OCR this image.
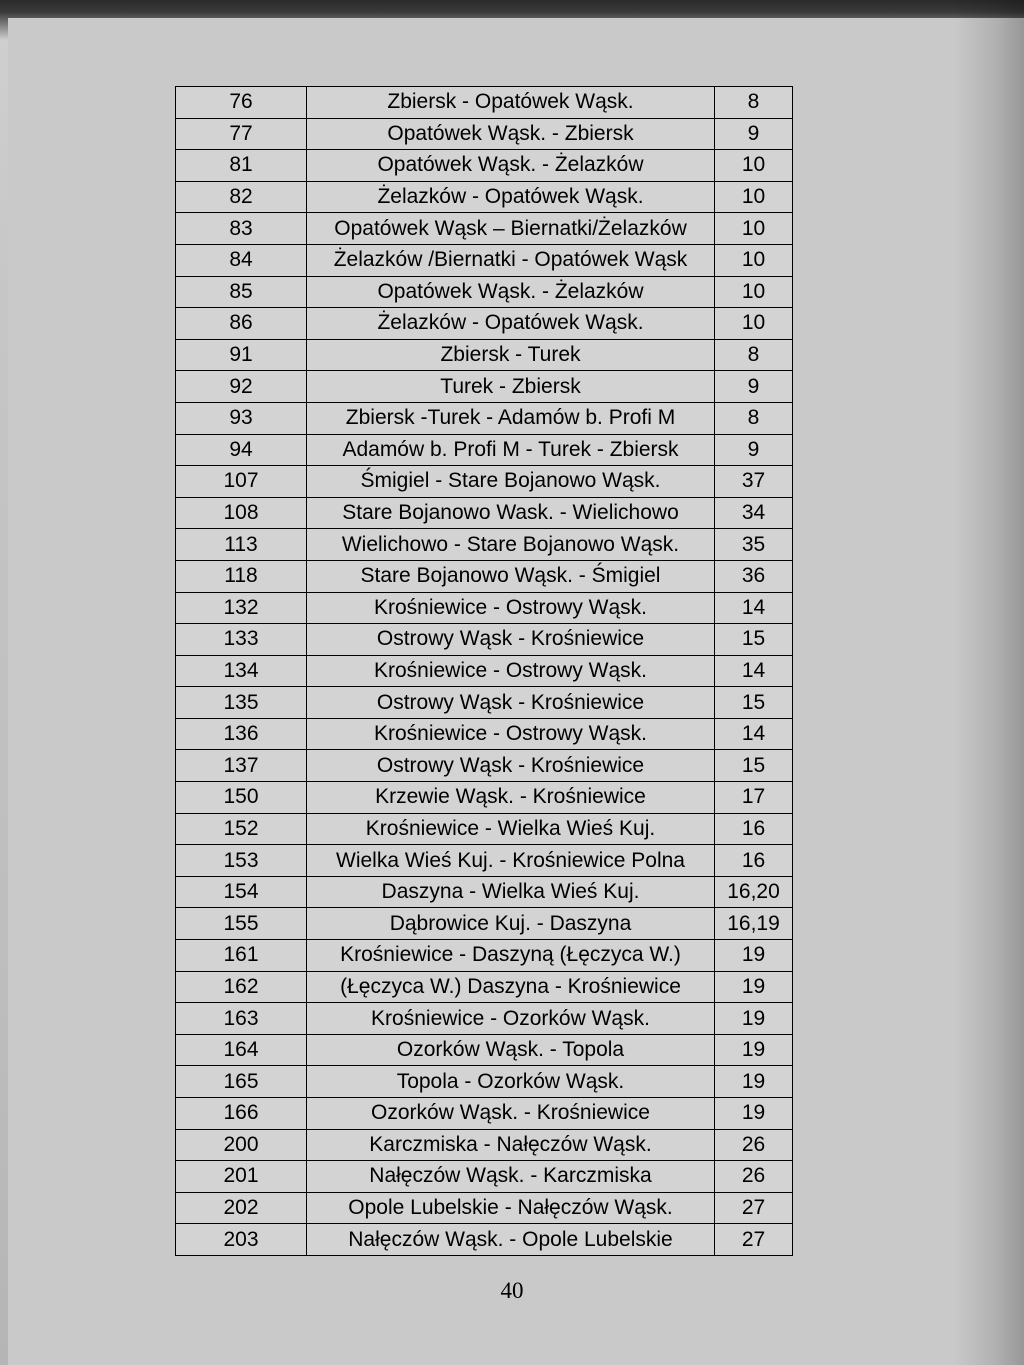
76	Zbiersk - Opatówek Wąsk.	8
77	Opatówek Wąsk. - Zbiersk	9
81	Opatówek Wąsk. - Żelazków	10
82	Żelazków - Opatówek Wąsk.	10
83	Opatówek Wąsk – Biernatki/Żelazków	10
84	Żelazków /Biernatki - Opatówek Wąsk	10
85	Opatówek Wąsk. - Żelazków	10
86	Żelazków - Opatówek Wąsk.	10
91	Zbiersk - Turek	8
92	Turek - Zbiersk	9
93	Zbiersk -Turek - Adamów b. Profi M	8
94	Adamów b. Profi M - Turek - Zbiersk	9
107	Śmigiel - Stare Bojanowo Wąsk.	37
108	Stare Bojanowo Wask. - Wielichowo	34
113	Wielichowo - Stare Bojanowo Wąsk.	35
118	Stare Bojanowo Wąsk. - Śmigiel	36
132	Krośniewice - Ostrowy Wąsk.	14
133	Ostrowy Wąsk - Krośniewice	15
134	Krośniewice - Ostrowy Wąsk.	14
135	Ostrowy Wąsk - Krośniewice	15
136	Krośniewice - Ostrowy Wąsk.	14
137	Ostrowy Wąsk - Krośniewice	15
150	Krzewie Wąsk. - Krośniewice	17
152	Krośniewice - Wielka Wieś Kuj.	16
153	Wielka Wieś Kuj. - Krośniewice Polna	16
154	Daszyna - Wielka Wieś Kuj.	16,20
155	Dąbrowice Kuj. - Daszyna	16,19
161	Krośniewice - Daszyną (Łęczyca W.)	19
162	(Łęczyca W.) Daszyna - Krośniewice	19
163	Krośniewice - Ozorków Wąsk.	19
164	Ozorków Wąsk. - Topola	19
165	Topola - Ozorków Wąsk.	19
166	Ozorków Wąsk. - Krośniewice	19
200	Karczmiska - Nałęczów Wąsk.	26
201	Nałęczów Wąsk. - Karczmiska	26
202	Opole Lubelskie - Nałęczów Wąsk.	27
203	Nałęczów Wąsk. - Opole Lubelskie	27
40
